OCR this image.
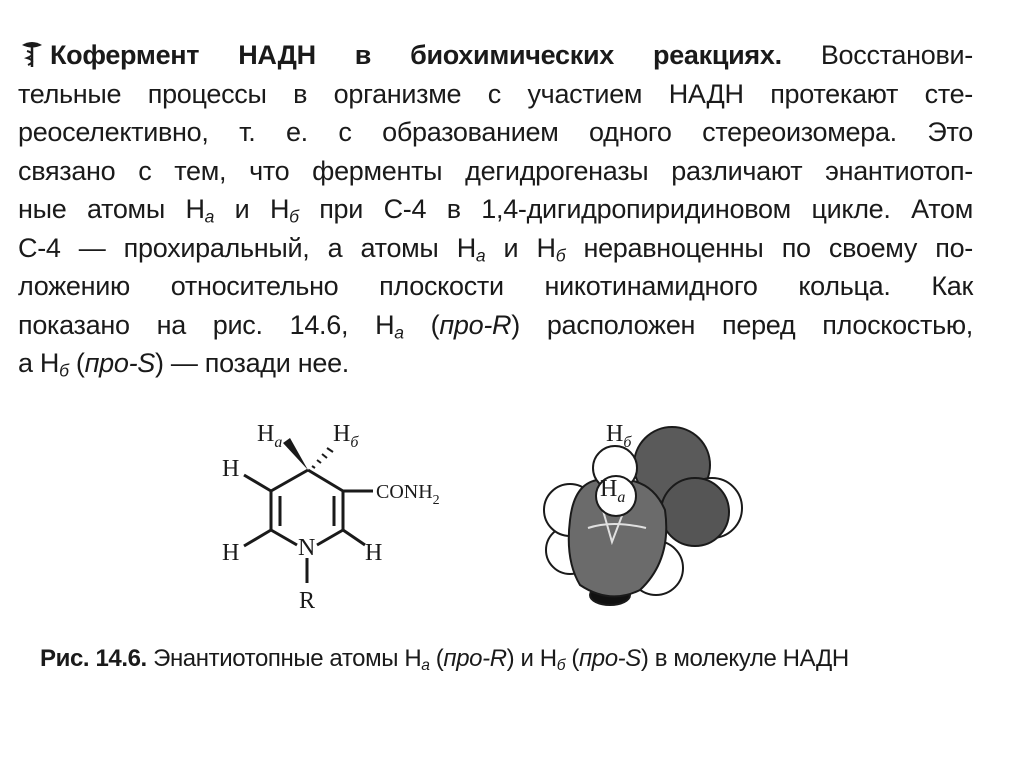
Кофермент НАДН в биохимических реакциях. Восстанови-
тельные процессы в организме с участием НАДН протекают сте-
реоселективно, т. е. с образованием одного стереоизомера. Это
связано с тем, что ферменты дегидрогеназы различают энантиотоп-
ные атомы $Н_а$ и $Н_б$ при С-4 в 1,4-дигидропиридиновом цикле. Атом
С-4 — прохиральный, а атомы $Н_а$ и $Н_б$ неравноценны по своему по-
ложению относительно плоскости никотинамидного кольца. Как
показано на рис. 14.6, $Н_а$ (про-R) расположен перед плоскостью,
а $Н_б$ (про-S) — позади нее.
$H_a$ $H_б$
H
H	H
N
R
$CONH_2$
$H_б$
$H_a$
Рис. 14.6. Энантиотопные атомы $Н_а$ (про-R) и $Н_б$ (про-S) в молекуле НАДН
